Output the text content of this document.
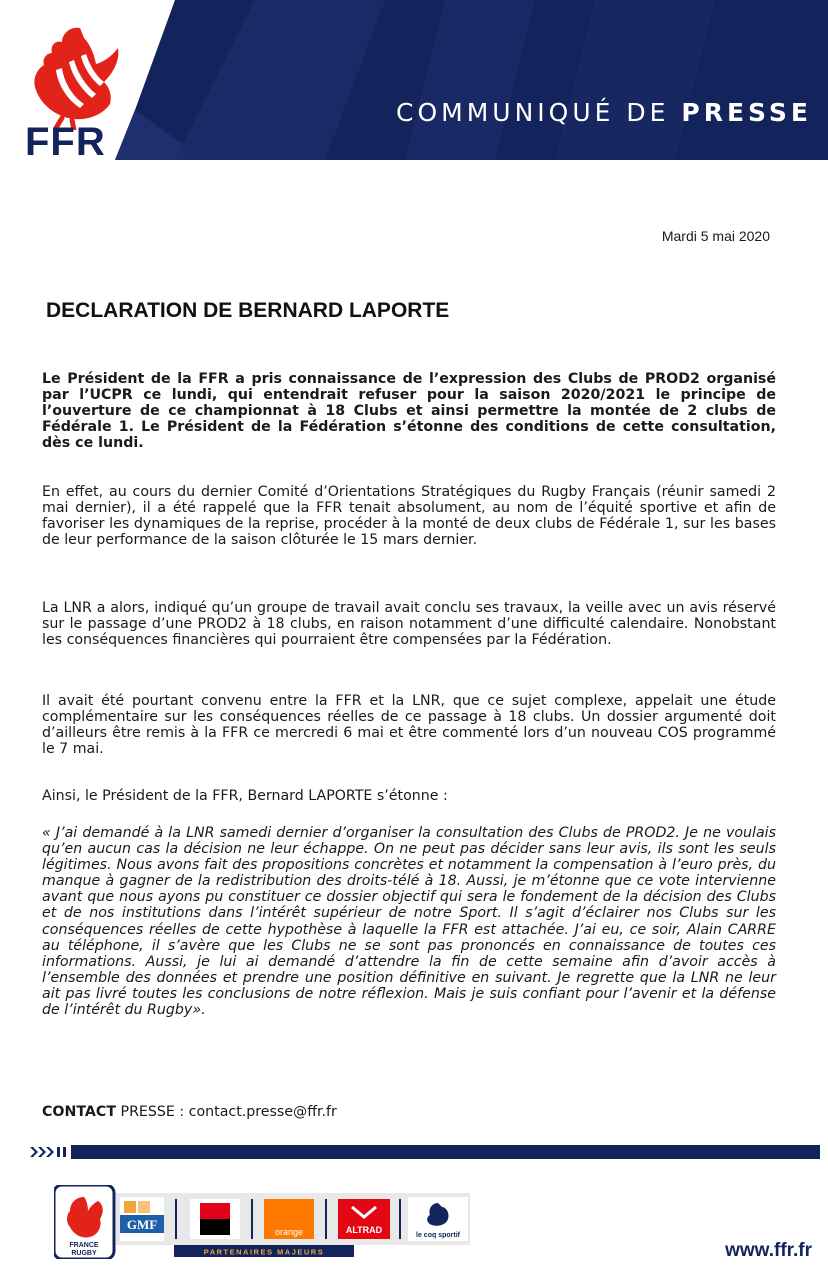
FFR
COMMUNIQUÉ DE PRESSE
Mardi 5 mai 2020
DECLARATION DE BERNARD LAPORTE
Le Président de la FFR a pris connaissance de l’expression des Clubs de PROD2 organisé par l’UCPR ce lundi, qui entendrait refuser pour la saison 2020/2021 le principe de l’ouverture de ce championnat à 18 Clubs et ainsi permettre la montée de 2 clubs de Fédérale 1. Le Président de la Fédération s’étonne des conditions de cette consultation, dès ce lundi.
En effet, au cours du dernier Comité d’Orientations Stratégiques du Rugby Français (réunir samedi 2 mai dernier), il a été rappelé que la FFR tenait absolument, au nom de l’équité sportive et afin de favoriser les dynamiques de la reprise, procéder à la monté de deux clubs de Fédérale 1, sur les bases de leur performance de la saison clôturée le 15 mars dernier.
La LNR a alors, indiqué qu’un groupe de travail avait conclu ses travaux, la veille avec un avis réservé sur le passage d’une PROD2 à 18 clubs, en raison notamment d’une difficulté calendaire. Nonobstant les conséquences financières qui pourraient être compensées par la Fédération.
Il avait été pourtant convenu entre la FFR et la LNR, que ce sujet complexe, appelait une étude complémentaire sur les conséquences réelles de ce passage à 18 clubs. Un dossier argumenté doit d’ailleurs être remis à la FFR ce mercredi 6 mai et être commenté lors d’un nouveau COS programmé le 7 mai.
Ainsi, le Président de la FFR, Bernard LAPORTE s’étonne :
« J’ai demandé à la LNR samedi dernier d’organiser la consultation des Clubs de PROD2. Je ne voulais qu’en aucun cas la décision ne leur échappe. On ne peut pas décider sans leur avis, ils sont les seuls légitimes. Nous avons fait des propositions concrètes et notamment la compensation à l’euro près, du manque à gagner de la redistribution des droits-télé à 18. Aussi, je m’étonne que ce vote intervienne avant que nous ayons pu constituer ce dossier objectif qui sera le fondement de la décision des Clubs et de nos institutions dans l’intérêt supérieur de notre Sport. Il s’agit d’éclairer nos Clubs sur les conséquences réelles de cette hypothèse à laquelle la FFR est attachée. J’ai eu, ce soir, Alain CARRE au téléphone, il s’avère que les Clubs ne se sont pas prononcés en connaissance de toutes ces informations. Aussi, je lui ai demandé d’attendre la fin de cette semaine afin d’avoir accès à l’ensemble des données et prendre une position définitive en suivant. Je regrette que la LNR ne leur ait pas livré toutes les conclusions de notre réflexion. Mais je suis confiant pour l’avenir et la défense de l’intérêt du Rugby».
CONTACT PRESSE : contact.presse@ffr.fr
FRANCE
RUGBY
GMF	orange	ALTRAD
le coq sportif
PARTENAIRES MAJEURS	www.ffr.fr
